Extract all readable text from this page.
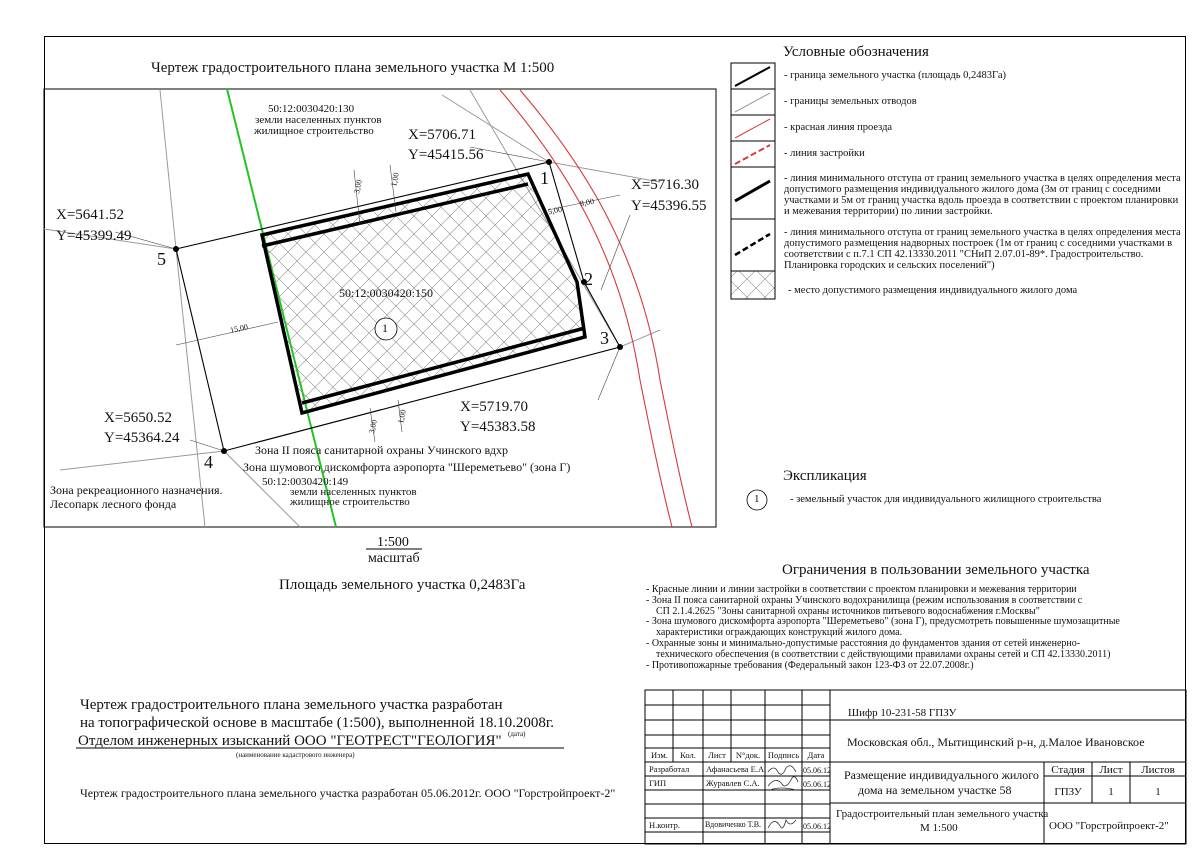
Чертеж градостроительного плана земельного участка М 1:500
50:12:0030420:130
земли населенных пунктов
жилищное строительство
50:12:0030420:150
1
X=5706.71
Y=45415.56
1	X=5716.30
Y=45396.55
2
X=5719.70
Y=45383.58
3
X=5650.52
Y=45364.24
4
X=5641.52
Y=45399.49
5
3,00	1,00
5,00
8,00
15,00
3,00
1,00
Зона II пояса санитарной охраны Учинского вдхр
Зона шумового дискомфорта аэропорта "Шереметьево" (зона Г)
50:12:0030420:149
земли населенных пунктов
жилищное строительство
Зона рекреационного назначения.
Лесопарк лесного фонда
Условные обозначения
- граница земельного участка (площадь 0,2483Га)
- границы земельных отводов
- красная линия проезда
- линия застройки
- линия минимального отступа от границ земельного участка в целях определения места допустимого размещения индивидуального жилого дома (3м от границ с соседними участками и 5м от границ участка вдоль проезда в соответствии с проектом планировки и межевания территории) по линии застройки.
- линия минимального отступа от границ земельного участка в целях определения места допустимого размещения надворных построек (1м от границ с соседними участками в соответствии с п.7.1 СП 42.13330.2011 "СНиП 2.07.01-89*. Градостроительство. Планировка городских и сельских поселений")
- место допустимого размещения индивидуального жилого дома
Экспликация
1	- земельный участок для индивидуального жилищного строительства
1:500
масштаб
Площадь земельного участка 0,2483Га
Ограничения в пользовании земельного участка
- Красные линии и линии застройки в соответствии с проектом планировки и межевания территории
- Зона II пояса санитарной охраны Учинского водохранилища (режим использования в соответствии с
СП 2.1.4.2625 "Зоны санитарной охраны источников питьевого водоснабжения г.Москвы"
- Зона шумового дискомфорта аэропорта "Шереметьево" (зона Г), предусмотреть повышенные шумозащитные
характеристики ограждающих конструкций жилого дома.
- Охранные зоны и минимально-допустимые расстояния до фундаментов здания от сетей инженерно-
технического обеспечения (в соответствии с действующими правилами охраны сетей и СП 42.13330.2011)
- Противопожарные требования (Федеральный закон 123-ФЗ от 22.07.2008г.)
Чертеж градостроительного плана земельного участка разработан
на топографической основе в масштабе (1:500), выполненной 18.10.2008г.
Отделом инженерных изысканий ООО "ГЕОТРЕСТ"ГЕОЛОГИЯ" (дата)
(наименование кадастрового инженера)
Чертеж градостроительного плана земельного участка разработан 05.06.2012г. ООО "Горстройпроект-2"
Шифр 10-231-58 ГПЗУ
Московская обл., Мытищинский р-н, д.Малое Ивановское
Изм.	Кол.	Лист	N°док. Подпись Дата
Разработал Афанасьева Е.А.	05.06.12
ГИП	Журавлев С.А.	05.06.12
Н.контр.	Вдовиченко Т.В.	05.06.12
Размещение индивидуального жилого
дома на земельном участке 58
Стадия	Лист	Листов
ГПЗУ	1	1
Градостроительный план земельного участка
М 1:500	ООО "Горстройпроект-2"
